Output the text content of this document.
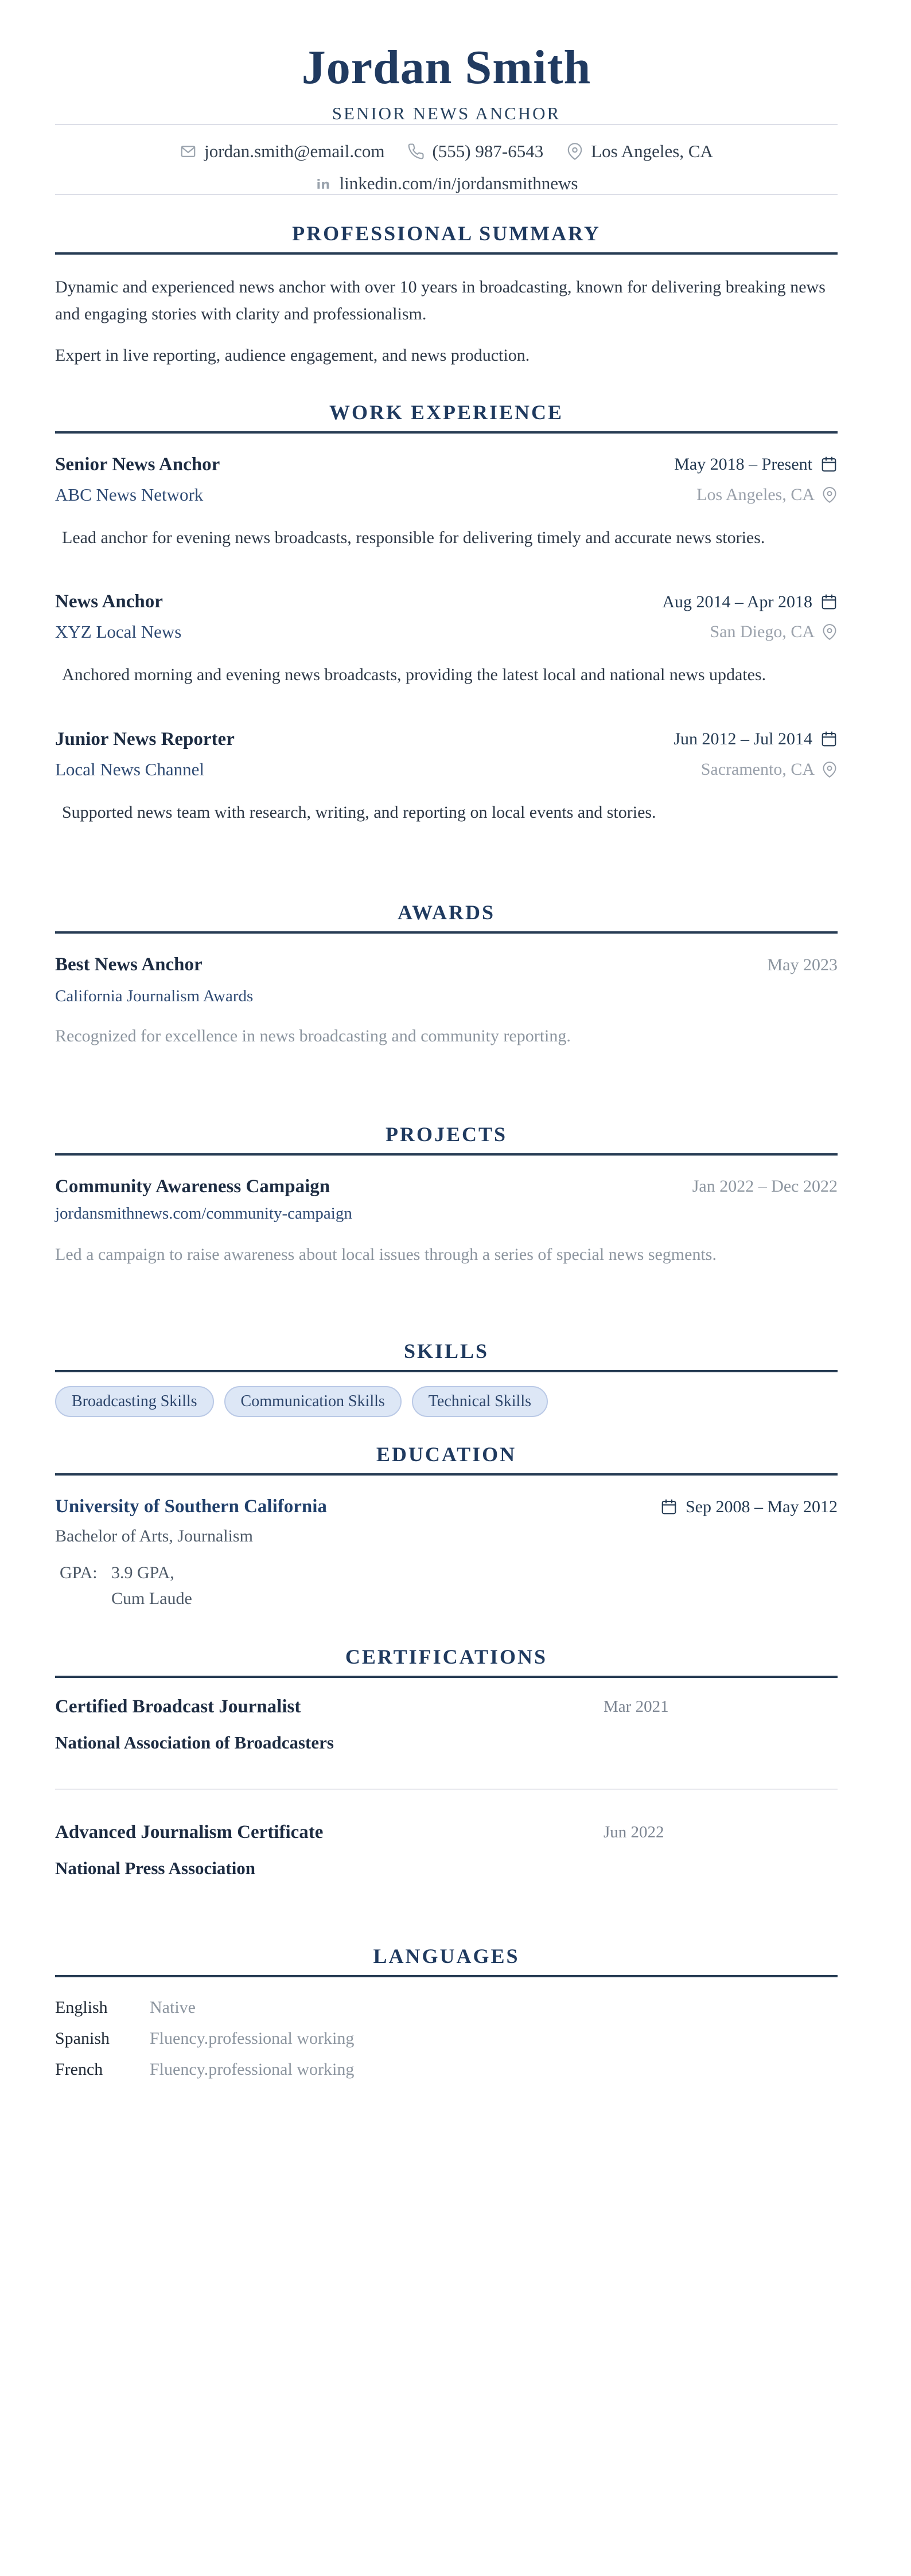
Jordan Smith
SENIOR NEWS ANCHOR
jordan.smith@email.com	(555) 987-6543	Los Angeles, CA
in linkedin.com/in/jordansmithnews
PROFESSIONAL SUMMARY

Dynamic and experienced news anchor with over 10 years in broadcasting, known for delivering breaking news and engaging stories with clarity and professionalism.

Expert in live reporting, audience engagement, and news production.

WORK EXPERIENCE
Senior News Anchor	May 2018 – Present
ABC News Network	Los Angeles, CA

Lead anchor for evening news broadcasts, responsible for delivering timely and accurate news stories.

News Anchor	Aug 2014 – Apr 2018
XYZ Local News	San Diego, CA

Anchored morning and evening news broadcasts, providing the latest local and national news updates.

Junior News Reporter	Jun 2012 – Jul 2014
Local News Channel	Sacramento, CA

Supported news team with research, writing, and reporting on local events and stories.

AWARDS
Best News Anchor	May 2023
California Journalism Awards

Recognized for excellence in news broadcasting and community reporting.

PROJECTS
Community Awareness Campaign	Jan 2022 – Dec 2022
jordansmithnews.com/community-campaign

Led a campaign to raise awareness about local issues through a series of special news segments.

SKILLS
Broadcasting Skills	Communication Skills	Technical Skills
EDUCATION
University of Southern California	Sep 2008 – May 2012
Bachelor of Arts, Journalism
GPA: 3.9 GPA,
Cum Laude
CERTIFICATIONS
Certified Broadcast Journalist	Mar 2021
National Association of Broadcasters
Advanced Journalism Certificate	Jun 2022
National Press Association
LANGUAGES
English	Native
Spanish	Fluency.professional working
French	Fluency.professional working
